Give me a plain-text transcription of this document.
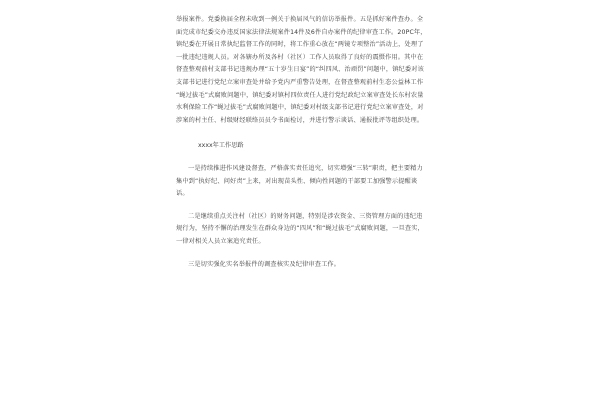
举报案件。党委换届全程未收到一例关于换届风气的信访举报件。五是抓好案件查办。全面完成市纪委交办违反国家法律法规案件14件及6件自办案件的纪律审查工作。20PC年，镇纪委在开展日常执纪监督工作的同时，将工作重心放在“两镜专项整治”活动上，处理了一批违纪违规人员。对各辖办所及各村（社区）工作人员取得了良好的震慑作用。其中在督查整观前村支部书记违规办理“五十岁生日宴”的“纠四风、治顽罚”问题中，镇纪委对该支部书记进行党纪立案审查处并给予党内严重警告处理，在督查整观前村生态公益林工作

“蝇过拔毛”式腐败问题中，镇纪委对镇村四位责任人进行党纪政纪立案审查处长东村农量水利保险工作“蝇过拔毛”式腐败问题中，镇纪委对村级支部书记进行党纪立案审查处，对涉案的村主任、村级财经联络员员令书面检讨，并进行警示谈话、通报批评等组织处理。

xxxx年工作思路

一是持续推进作风建设督查，严格落实责任追究，切实增强“三转”职责，把主要精力集中到“执好纪、问好责”上来，对出现苗头性、倾向性问题的干部要工加强警示提醒谈话。

二是继续重点关注村（社区）的财务问题，特别是涉农资金、三资管理方面的违纪违规行为，坚持不懈的治理发生在群众身边的“四风”和“蝇过拔毛”式腐败问题，一旦查实，一律对相关人员立案追究责任。

三是切实强化实名举报件的调查核实及纪律审查工作。
